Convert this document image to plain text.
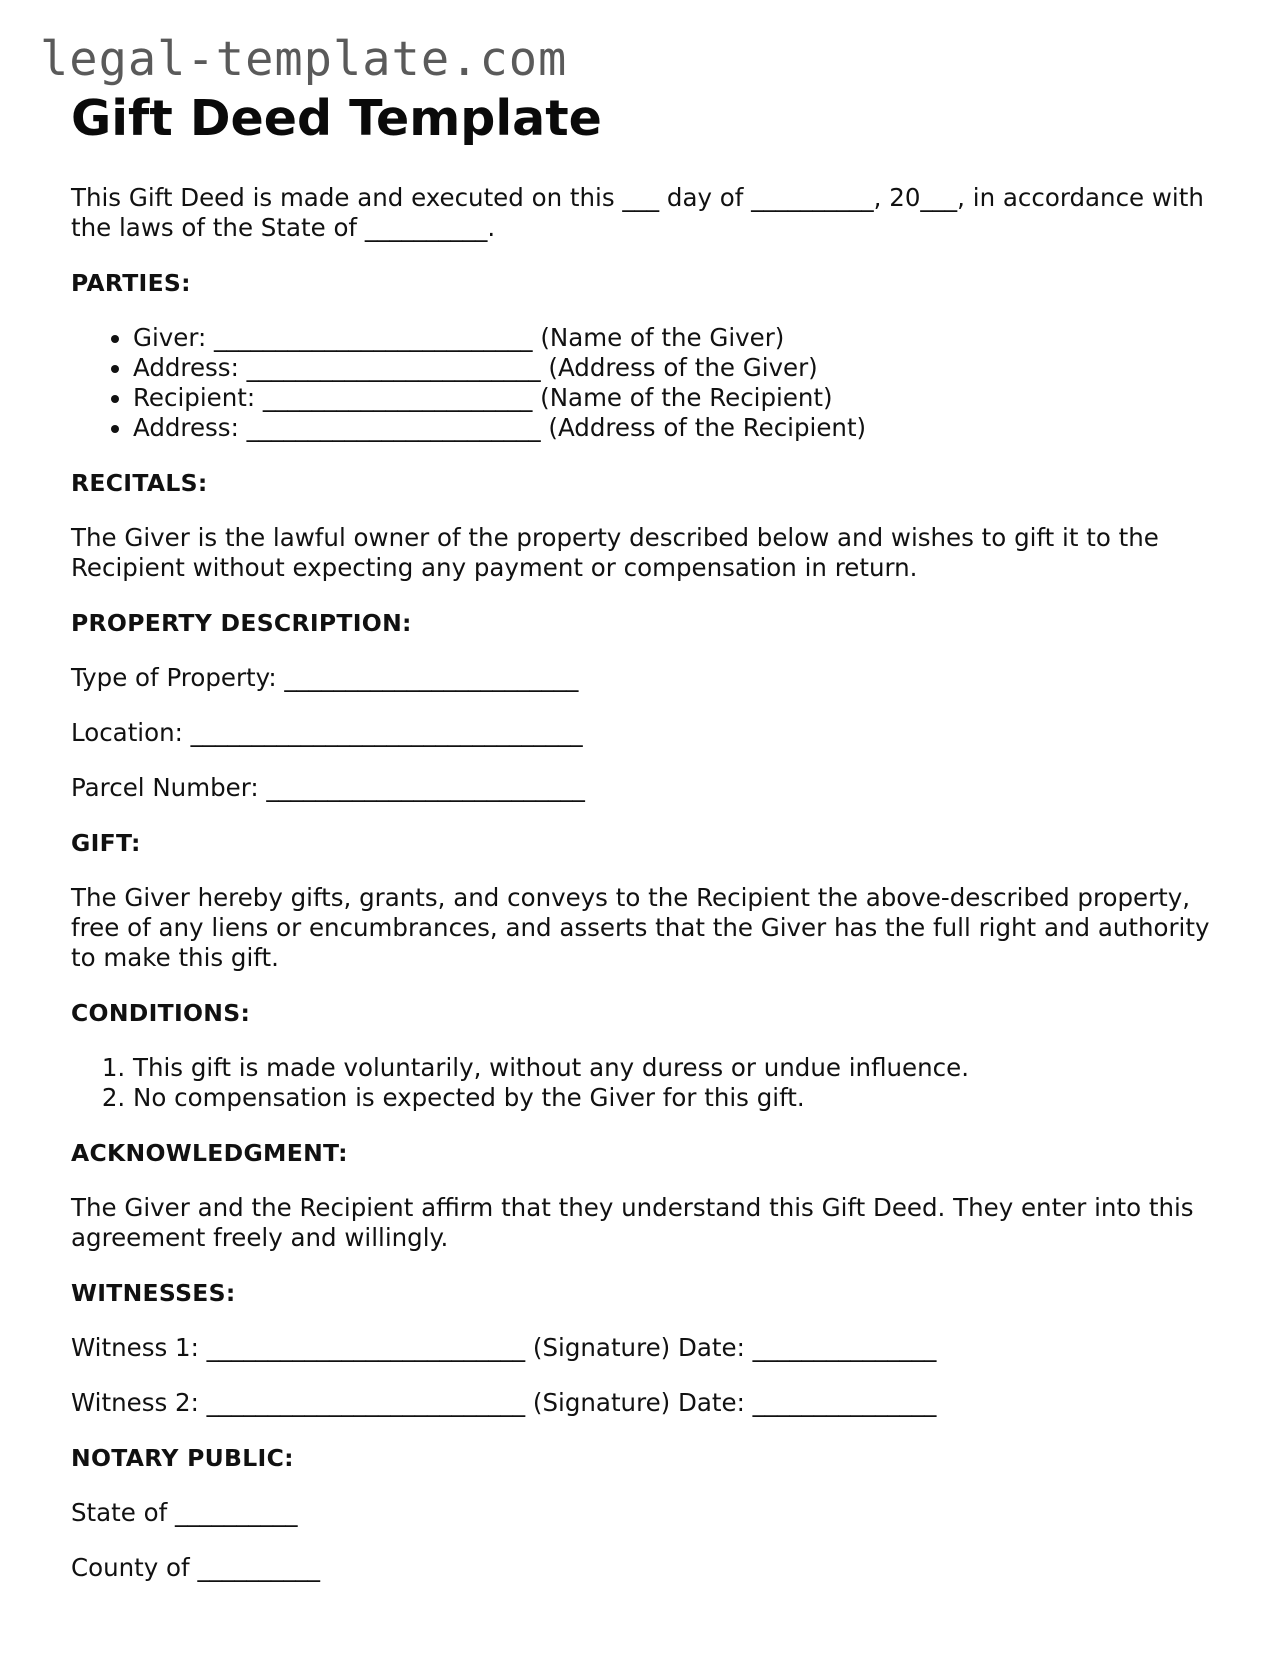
legal-template.com
Gift Deed Template

This Gift Deed is made and executed on this ___ day of __________, 20___, in accordance with the laws of the State of __________.

PARTIES:
• Giver: __________________________ (Name of the Giver)
• Address: ________________________ (Address of the Giver)
• Recipient: ______________________ (Name of the Recipient)
• Address: ________________________ (Address of the Recipient)
RECITALS:

The Giver is the lawful owner of the property described below and wishes to gift it to the Recipient without expecting any payment or compensation in return.

PROPERTY DESCRIPTION:

Type of Property: ________________________

Location: ________________________________

Parcel Number: __________________________

GIFT:

The Giver hereby gifts, grants, and conveys to the Recipient the above-described property, free of any liens or encumbrances, and asserts that the Giver has the full right and authority to make this gift.

CONDITIONS:
1. This gift is made voluntarily, without any duress or undue influence.
2. No compensation is expected by the Giver for this gift.
ACKNOWLEDGMENT:

The Giver and the Recipient affirm that they understand this Gift Deed. They enter into this agreement freely and willingly.

WITNESSES:

Witness 1: __________________________ (Signature) Date: _______________

Witness 2: __________________________ (Signature) Date: _______________

NOTARY PUBLIC:

State of __________

County of __________
